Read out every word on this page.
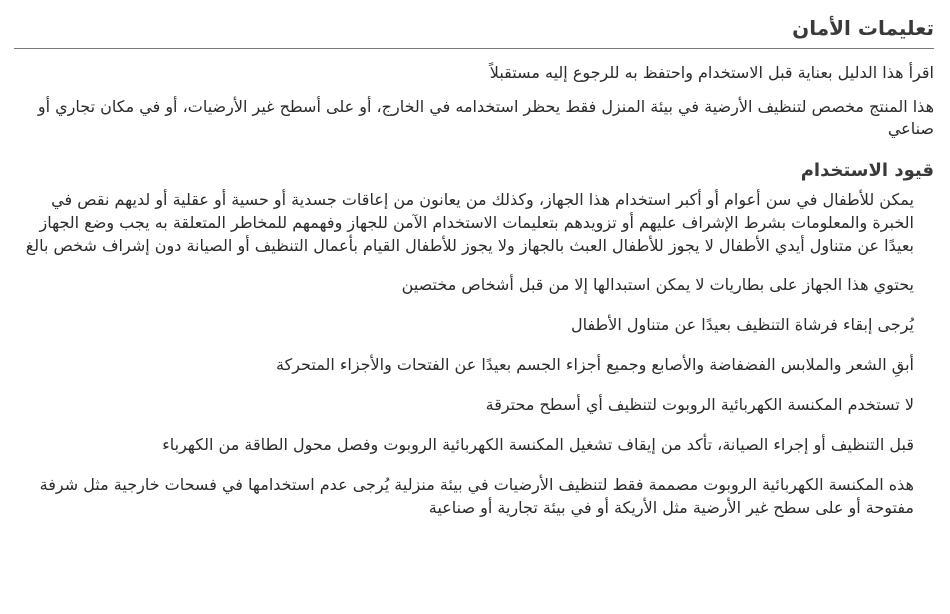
تعليمات الأمان

اقرأ هذا الدليل بعناية قبل الاستخدام واحتفظ به للرجوع إليه مستقبلاً

هذا المنتج مخصص لتنظيف الأرضية في بيئة المنزل فقط يحظر استخدامه في الخارج، أو على أسطح غير الأرضيات، أو في مكان تجاري أو صناعي

قيود الاستخدام
يمكن للأطفال في سن أعوام أو أكبر استخدام هذا الجهاز، وكذلك من يعانون من إعاقات جسدية أو حسية أو عقلية أو لديهم نقص في الخبرة والمعلومات بشرط الإشراف عليهم أو تزويدهم بتعليمات الاستخدام الآمن للجهاز وفهمهم للمخاطر المتعلقة به يجب وضع الجهاز بعيدًا عن متناول أيدي الأطفال لا يجوز للأطفال العبث بالجهاز ولا يجوز للأطفال القيام بأعمال التنظيف أو الصيانة دون إشراف شخص بالغ
يحتوي هذا الجهاز على بطاريات لا يمكن استبدالها إلا من قبل أشخاص مختصين
يُرجى إبقاء فرشاة التنظيف بعيدًا عن متناول الأطفال
أبقِ الشعر والملابس الفضفاضة والأصابع وجميع أجزاء الجسم بعيدًا عن الفتحات والأجزاء المتحركة
لا تستخدم المكنسة الكهربائية الروبوت لتنظيف أي أسطح محترقة
قبل التنظيف أو إجراء الصيانة، تأكد من إيقاف تشغيل المكنسة الكهربائية الروبوت وفصل محول الطاقة من الكهرباء
هذه المكنسة الكهربائية الروبوت مصممة فقط لتنظيف الأرضيات في بيئة منزلية يُرجى عدم استخدامها في فسحات خارجية مثل شرفة مفتوحة أو على سطح غير الأرضية مثل الأريكة أو في بيئة تجارية أو صناعية
